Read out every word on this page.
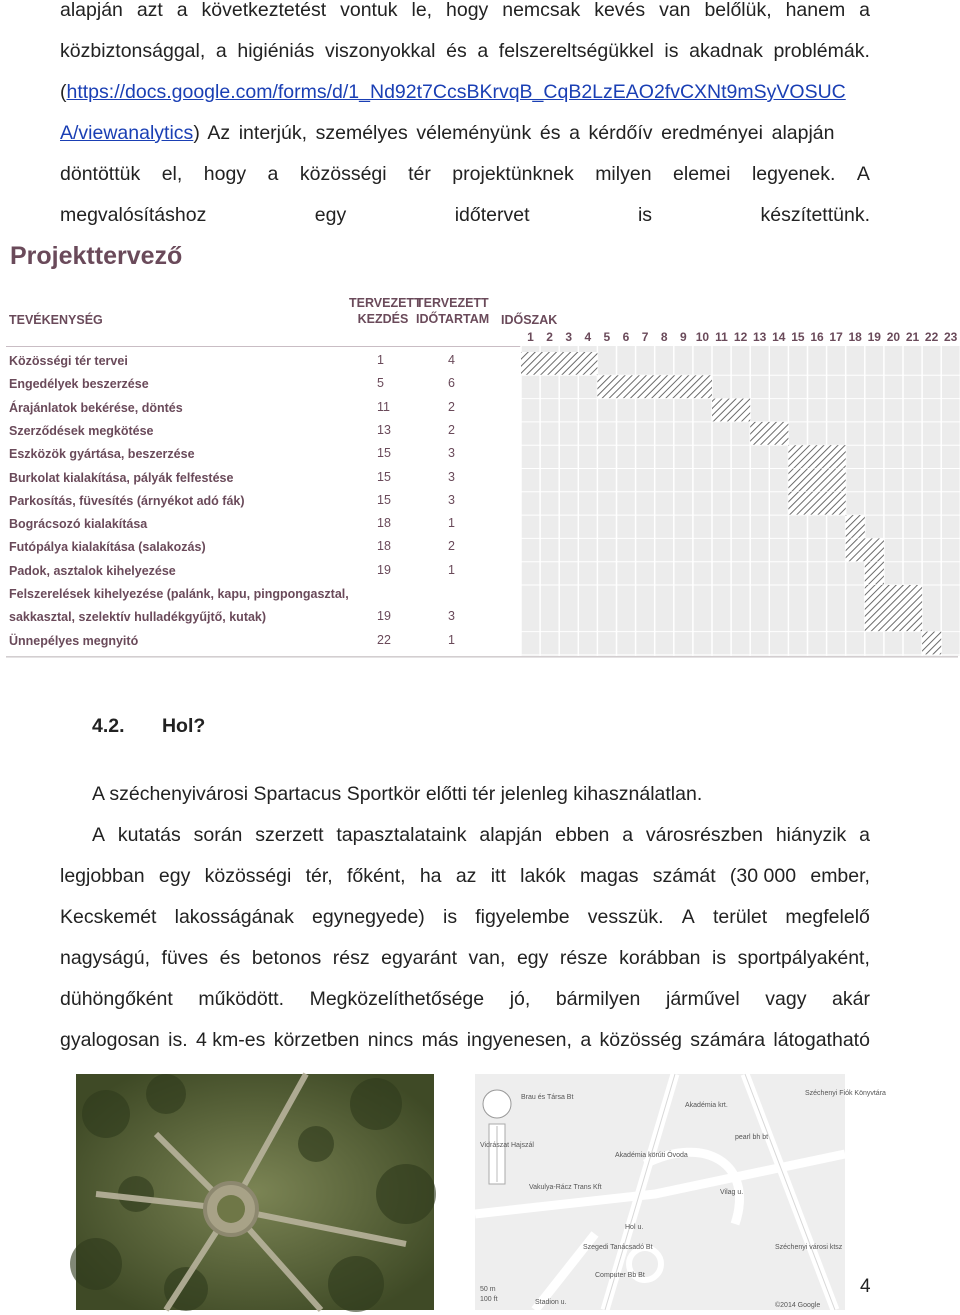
alapján azt a következtetést vontuk le, hogy nemcsak kevés van belőlük, hanem a
közbiztonsággal, a higiéniás viszonyokkal és a felszereltségükkel is akadnak problémák.
(https://docs.google.com/forms/d/1_Nd92t7CcsBKrvqB_CqB2LzEAO2fvCXNt9mSyVOSUC
A/viewanalytics ) Az interjúk, személyes véleményünk és a kérdőív eredményei alapján
döntöttük el, hogy a közösségi tér projektünknek milyen elemei legyenek. A
megvalósításhoz egy időtervet is készítettünk.
Projekttervező
TEVÉKENYSÉG
TERVEZETT
KEZDÉS
TERVEZETT
IDŐTARTAM IDŐSZAK
1	2	3	4	5	6	7	8	9 10 11 12 13 14 15 16 17 18 19 20 21 22 23
Közösségi tér tervei	1	4
Engedélyek beszerzése	5	6
Árajánlatok bekérése, döntés	11	2
Szerződések megkötése	13	2
Eszközök gyártása, beszerzése	15	3
Burkolat kialakítása, pályák felfestése	15	3
Parkosítás, füvesítés (árnyékot adó fák)	15	3
Bográcsozó kialakítása	18	1
Futópálya kialakítása (salakozás)	18	2
Padok, asztalok kihelyezése	19	1
Felszerelések kihelyezése (palánk, kapu, pingpongasztal,
sakkasztal, szelektív hulladékgyűjtő, kutak)	19	3
Ünnepélyes megnyitó	22	1
4.2. Hol?
A széchenyivárosi Spartacus Sportkör előtti tér jelenleg kihasználatlan.
A kutatás során szerzett tapasztalataink alapján ebben a városrészben hiányzik a
legjobban egy közösségi tér, főként, ha az itt lakók magas számát (30 000 ember,
Kecskemét lakosságának egynegyede) is figyelembe vesszük. A terület megfelelő
nagyságú, füves és betonos rész egyaránt van, egy része korábban is sportpályaként,
dühöngőként működött. Megközelíthetősége jó, bármilyen járművel vagy akár
gyalogosan is. 4 km-es körzetben nincs más ingyenesen, a közösség számára látogatható
Brau és Társa Bt
Akadémia krt.
Széchenyi Fiók Könyvtára
pearl bh bt
Vidrászat Hajszál
Akadémia körúti Óvoda
Vakulya-Rácz Trans Kft
Szegedi Tanácsadó Bt
Computer Bb Bt
Széchenyi városi ktsz
Stadion u.
Vilag u.
Hol u.
50 m
100 ft
©2014 Google
4
